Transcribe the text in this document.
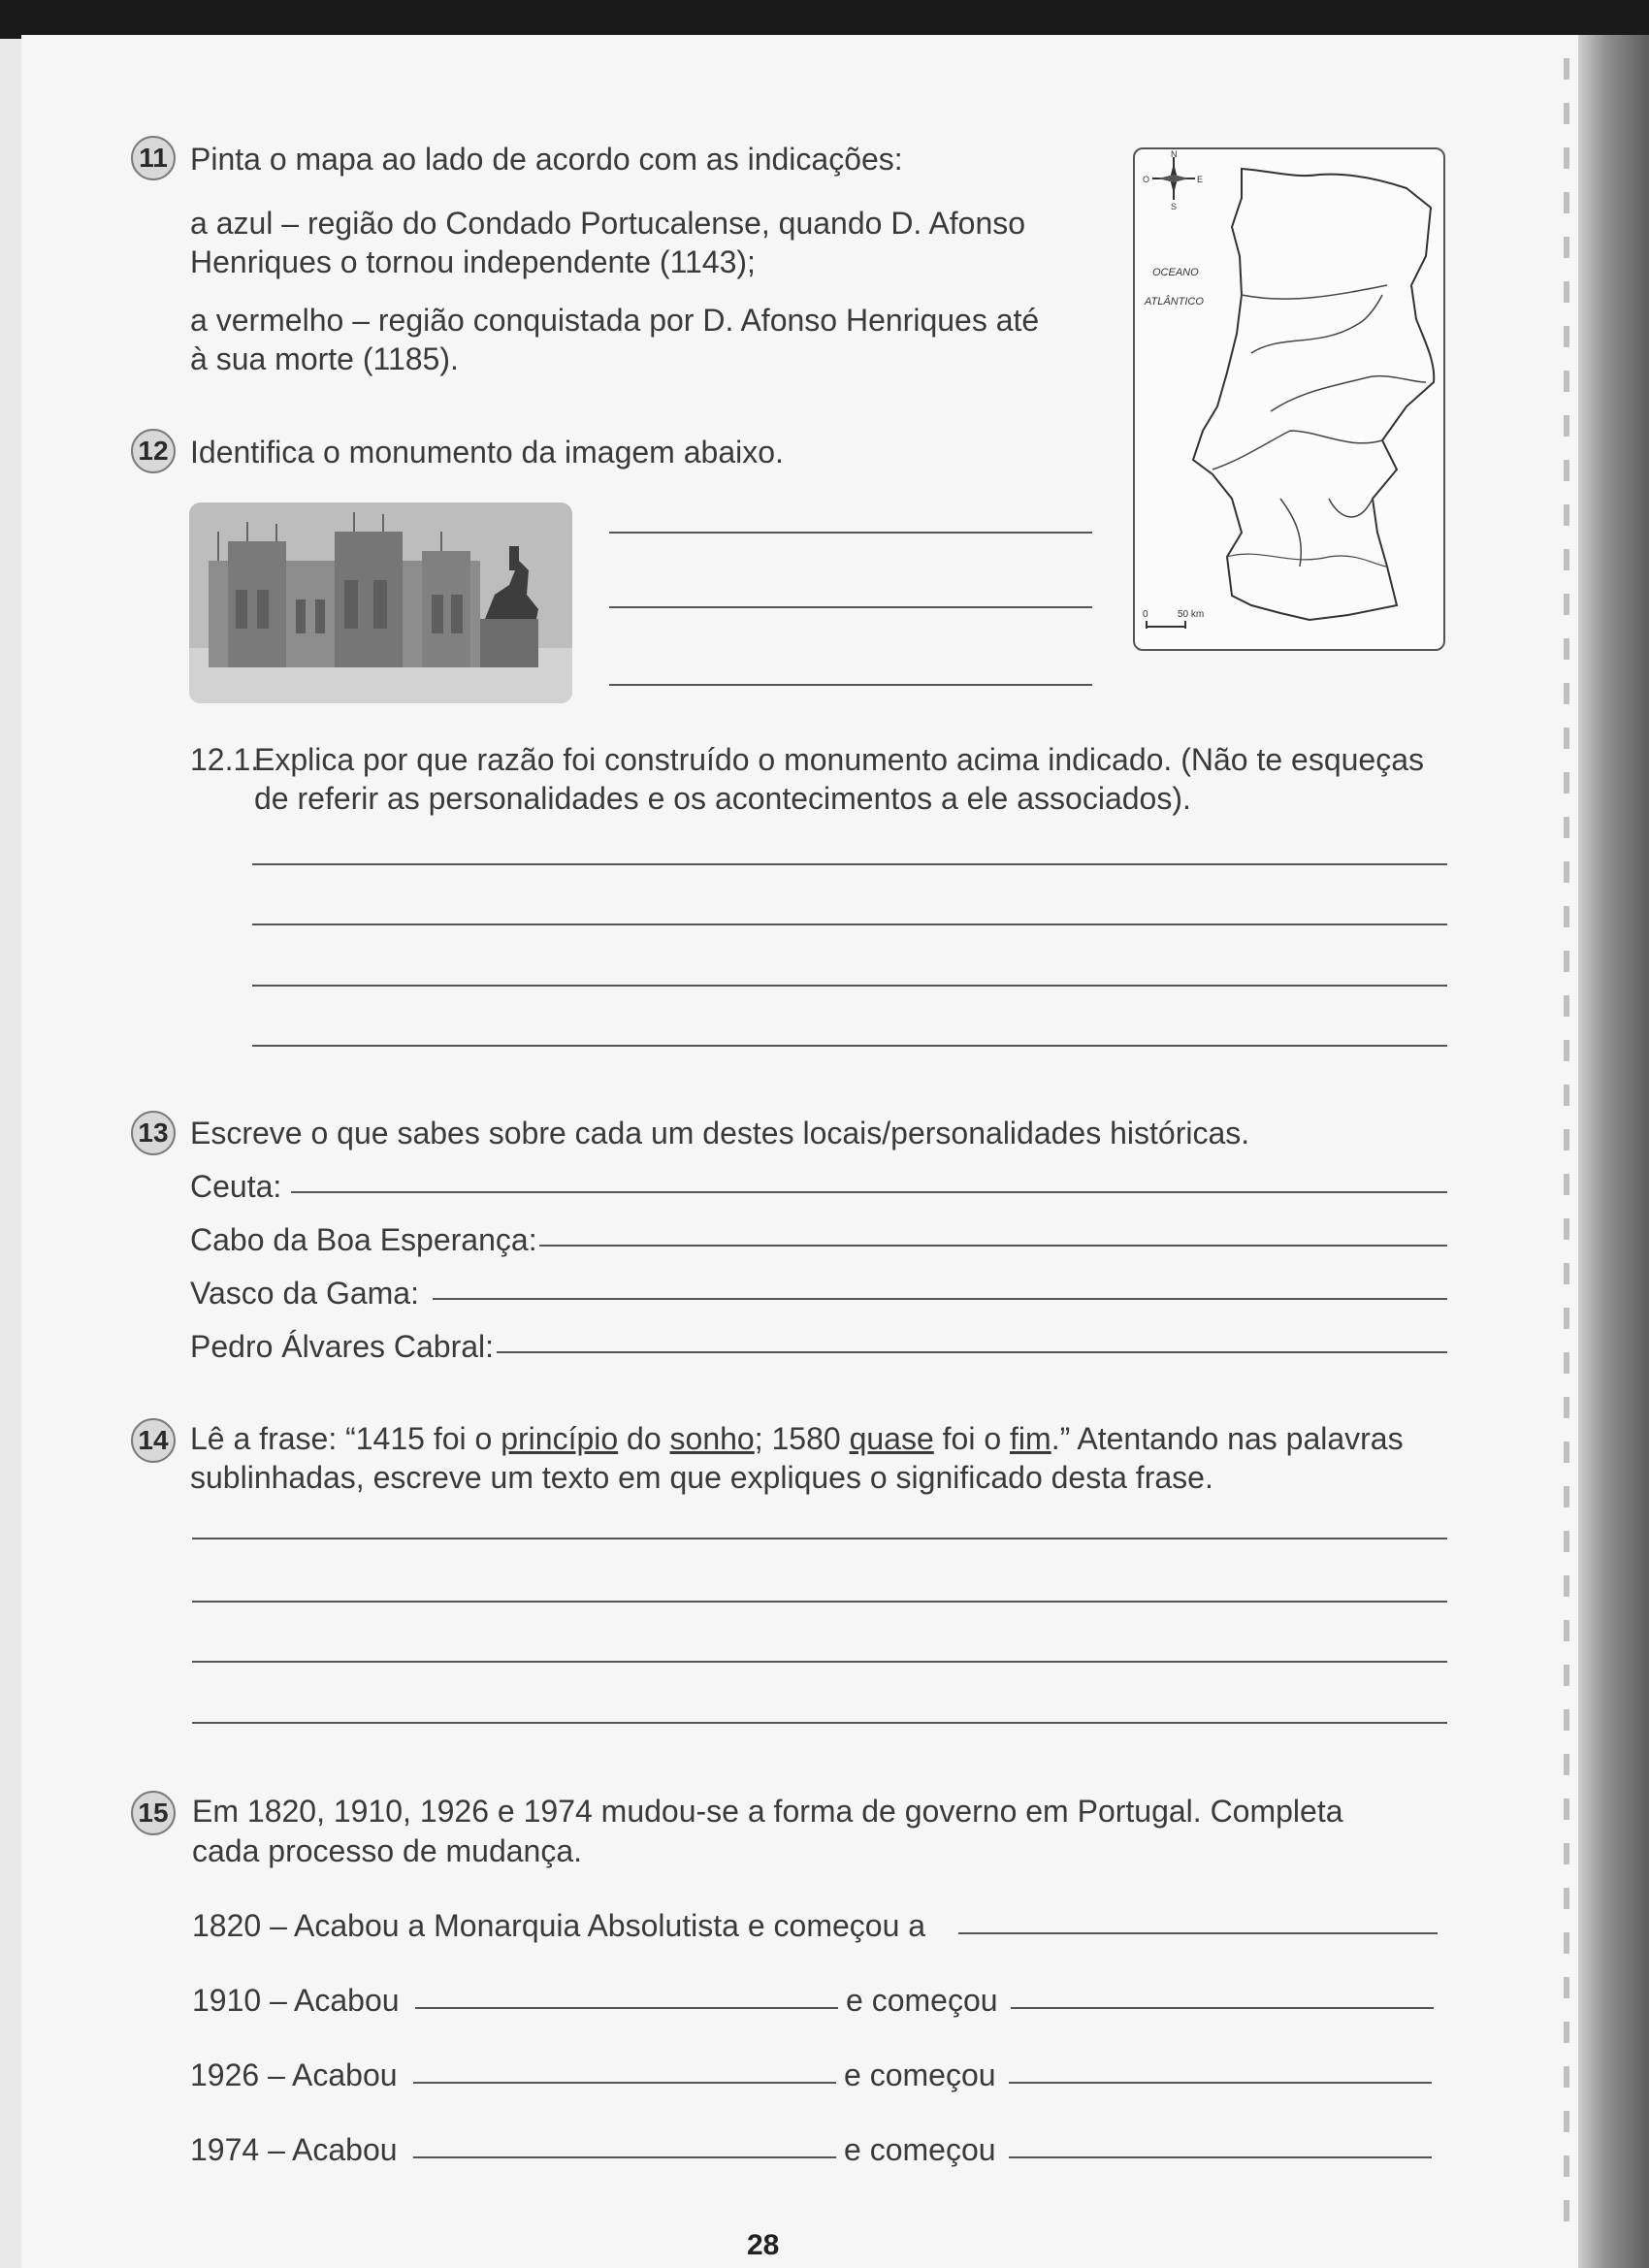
11 Pinta o mapa ao lado de acordo com as indicações:
a azul – região do Condado Portucalense, quando D. Afonso
Henriques o tornou independente (1143);
a vermelho – região conquistada por D. Afonso Henriques até
à sua morte (1185).
N
S
E
O
OCEANO
ATLÂNTICO
0	50 km
12 Identifica o monumento da imagem abaixo.
12.1.
Explica por que razão foi construído o monumento acima indicado. (Não te esqueças
de referir as personalidades e os acontecimentos a ele associados).
13 Escreve o que sabes sobre cada um destes locais/personalidades históricas.
Ceuta:
Cabo da Boa Esperança:
Vasco da Gama:
Pedro Álvares Cabral:
14 Lê a frase: “1415 foi o princípio do sonho; 1580 quase foi o fim.” Atentando nas palavras
sublinhadas, escreve um texto em que expliques o significado desta frase.
15 Em 1820, 1910, 1926 e 1974 mudou-se a forma de governo em Portugal. Completa
cada processo de mudança.
1820 – Acabou a Monarquia Absolutista e começou a
1910 – Acabou	e começou
1926 – Acabou	e começou
1974 – Acabou	e começou
28
